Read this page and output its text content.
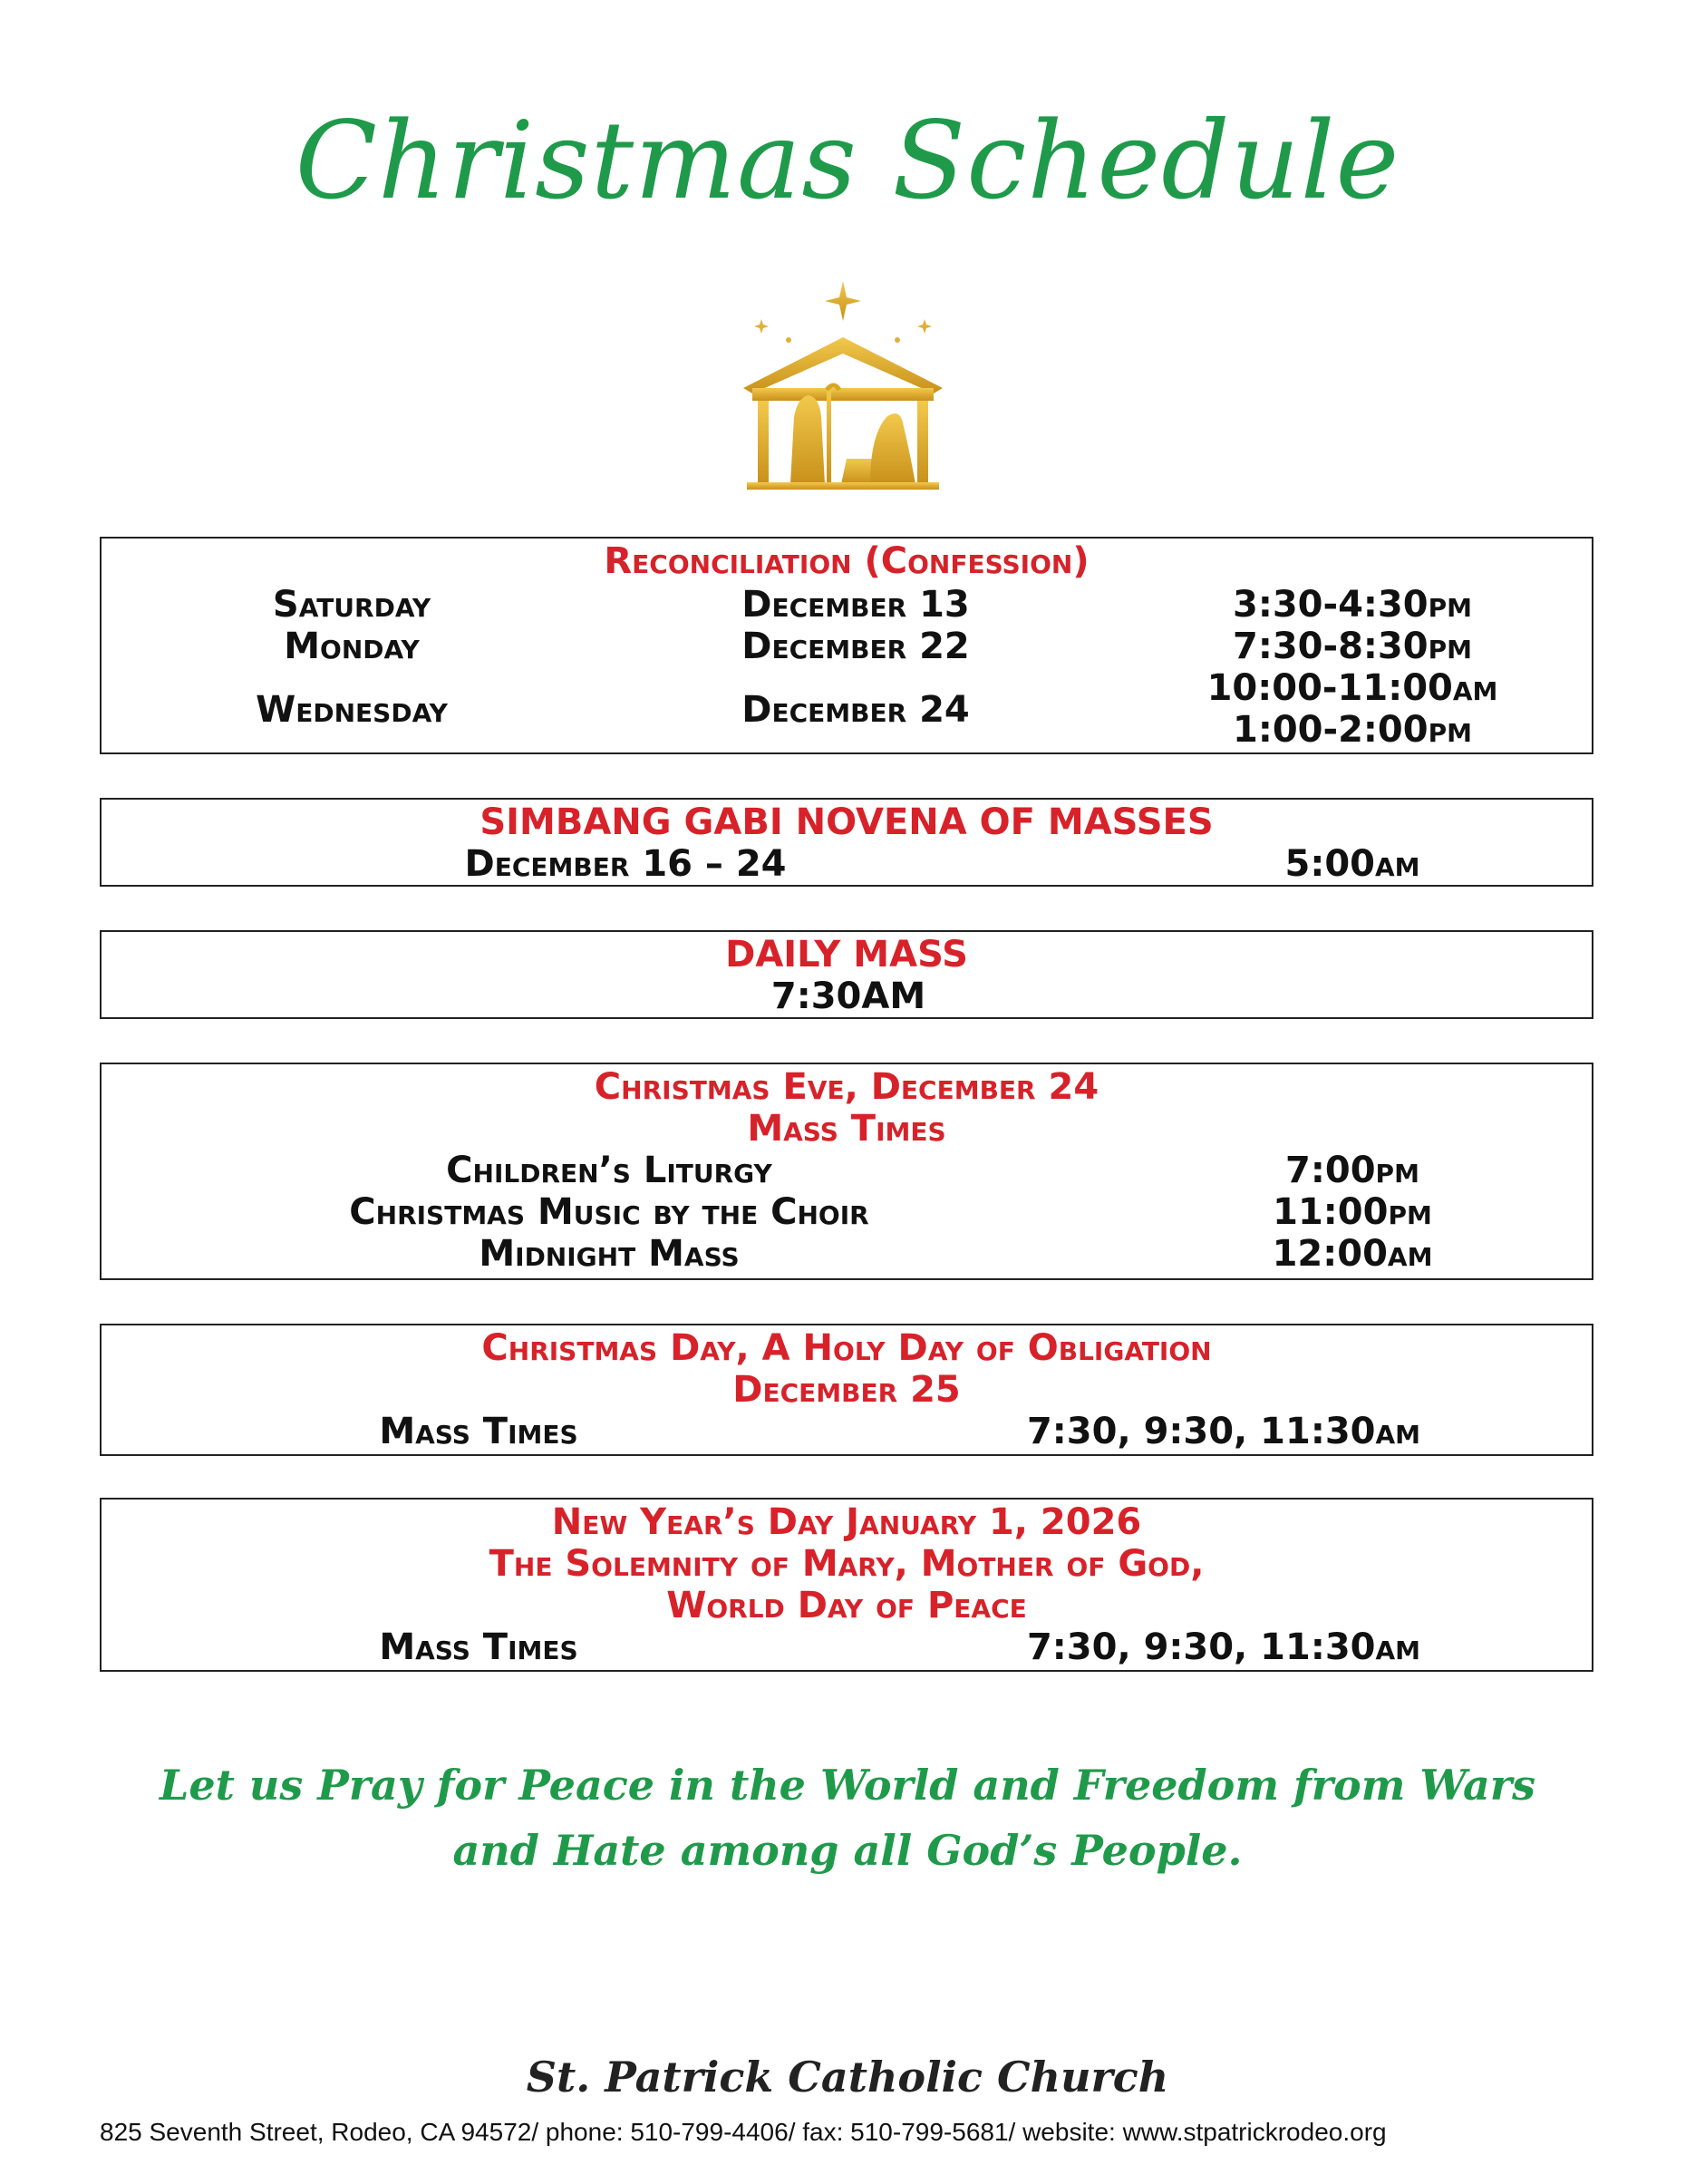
Christmas Schedule
Reconciliation (Confession)
Saturday	December 13	3:30-4:30pm
Monday	December 22	7:30-8:30pm
Wednesday	December 24
10:00-11:00am
1:00-2:00pm
SIMBANG GABI NOVENA OF MASSES
December 16 – 24	5:00am
DAILY MASS
7:30AM
Christmas Eve, December 24
Mass Times
Children’s Liturgy	7:00pm
Christmas Music by the Choir	11:00pm
Midnight Mass	12:00am
Christmas Day, A Holy Day of Obligation
December 25
Mass Times	7:30, 9:30, 11:30am
New Year’s Day January 1, 2026
The Solemnity of Mary, Mother of God,
World Day of Peace
Mass Times	7:30, 9:30, 11:30am
Let us Pray for Peace in the World and Freedom from Wars
and Hate among all God’s People.
St. Patrick Catholic Church
825 Seventh Street, Rodeo, CA 94572/ phone: 510-799-4406/ fax: 510-799-5681/ website: www.stpatrickrodeo.org
